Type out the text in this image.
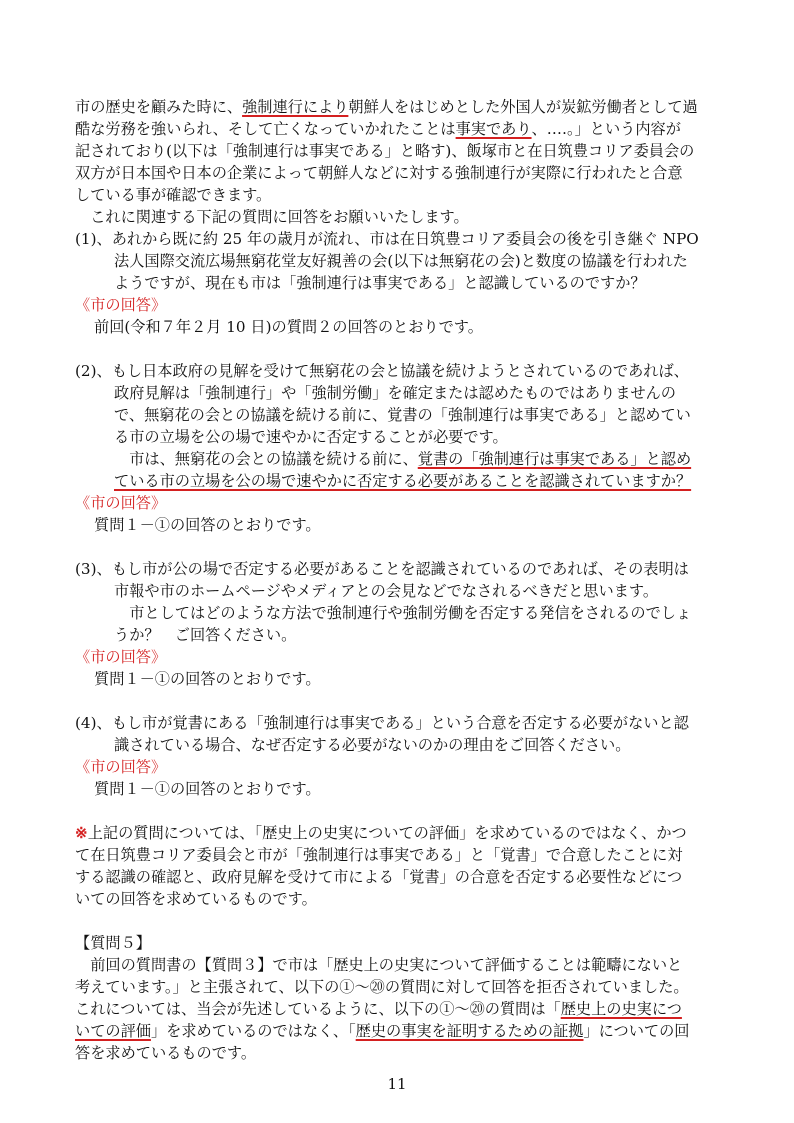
市の歴史を顧みた時に、強制連行により朝鮮人をはじめとした外国人が炭鉱労働者として過
酷な労務を強いられ、そして亡くなっていかれたことは事実であり、‥‥。」という内容が
記されており(以下は「強制連行は事実である」と略す)、飯塚市と在日筑豊コリア委員会の
双方が日本国や日本の企業によって朝鮮人などに対する強制連行が実際に行われたと合意
している事が確認できます。
　これに関連する下記の質問に回答をお願いいたします。
(1)、あれから既に約 25 年の歳月が流れ、市は在日筑豊コリア委員会の後を引き継ぐ NPO
法人国際交流広場無窮花堂友好親善の会(以下は無窮花の会)と数度の協議を行われた
ようですが、現在も市は「強制連行は事実である」と認識しているのですか？
《市の回答》
前回(令和７年２月 10 日)の質問２の回答のとおりです。
(2)、もし日本政府の見解を受けて無窮花の会と協議を続けようとされているのであれば、
政府見解は「強制連行」や「強制労働」を確定または認めたものではありませんの
で、無窮花の会との協議を続ける前に、覚書の「強制連行は事実である」と認めてい
る市の立場を公の場で速やかに否定することが必要です。
　市は、無窮花の会との協議を続ける前に、覚書の「強制連行は事実である」と認め
ている市の立場を公の場で速やかに否定する必要があることを認識されていますか？
《市の回答》
質問１－①の回答のとおりです。
(3)、もし市が公の場で否定する必要があることを認識されているのであれば、その表明は
市報や市のホームページやメディアとの会見などでなされるべきだと思います。
　市としてはどのような方法で強制連行や強制労働を否定する発信をされるのでしょ
うか？　ご回答ください。
《市の回答》
質問１－①の回答のとおりです。
(4)、もし市が覚書にある「強制連行は事実である」という合意を否定する必要がないと認
識されている場合、なぜ否定する必要がないのかの理由をご回答ください。
《市の回答》
質問１－①の回答のとおりです。
※上記の質問については、「歴史上の史実についての評価」を求めているのではなく、かつ
て在日筑豊コリア委員会と市が「強制連行は事実である」と「覚書」で合意したことに対
する認識の確認と、政府見解を受けて市による「覚書」の合意を否定する必要性などにつ
いての回答を求めているものです。
【質問５】
　前回の質問書の【質問３】で市は「歴史上の史実について評価することは範疇にないと
考えています。」と主張されて、以下の①～⑳の質問に対して回答を拒否されていました。
これについては、当会が先述しているように、以下の①～⑳の質問は「歴史上の史実につ
いての評価」を求めているのではなく、「歴史の事実を証明するための証拠」についての回
答を求めているものです。
11
